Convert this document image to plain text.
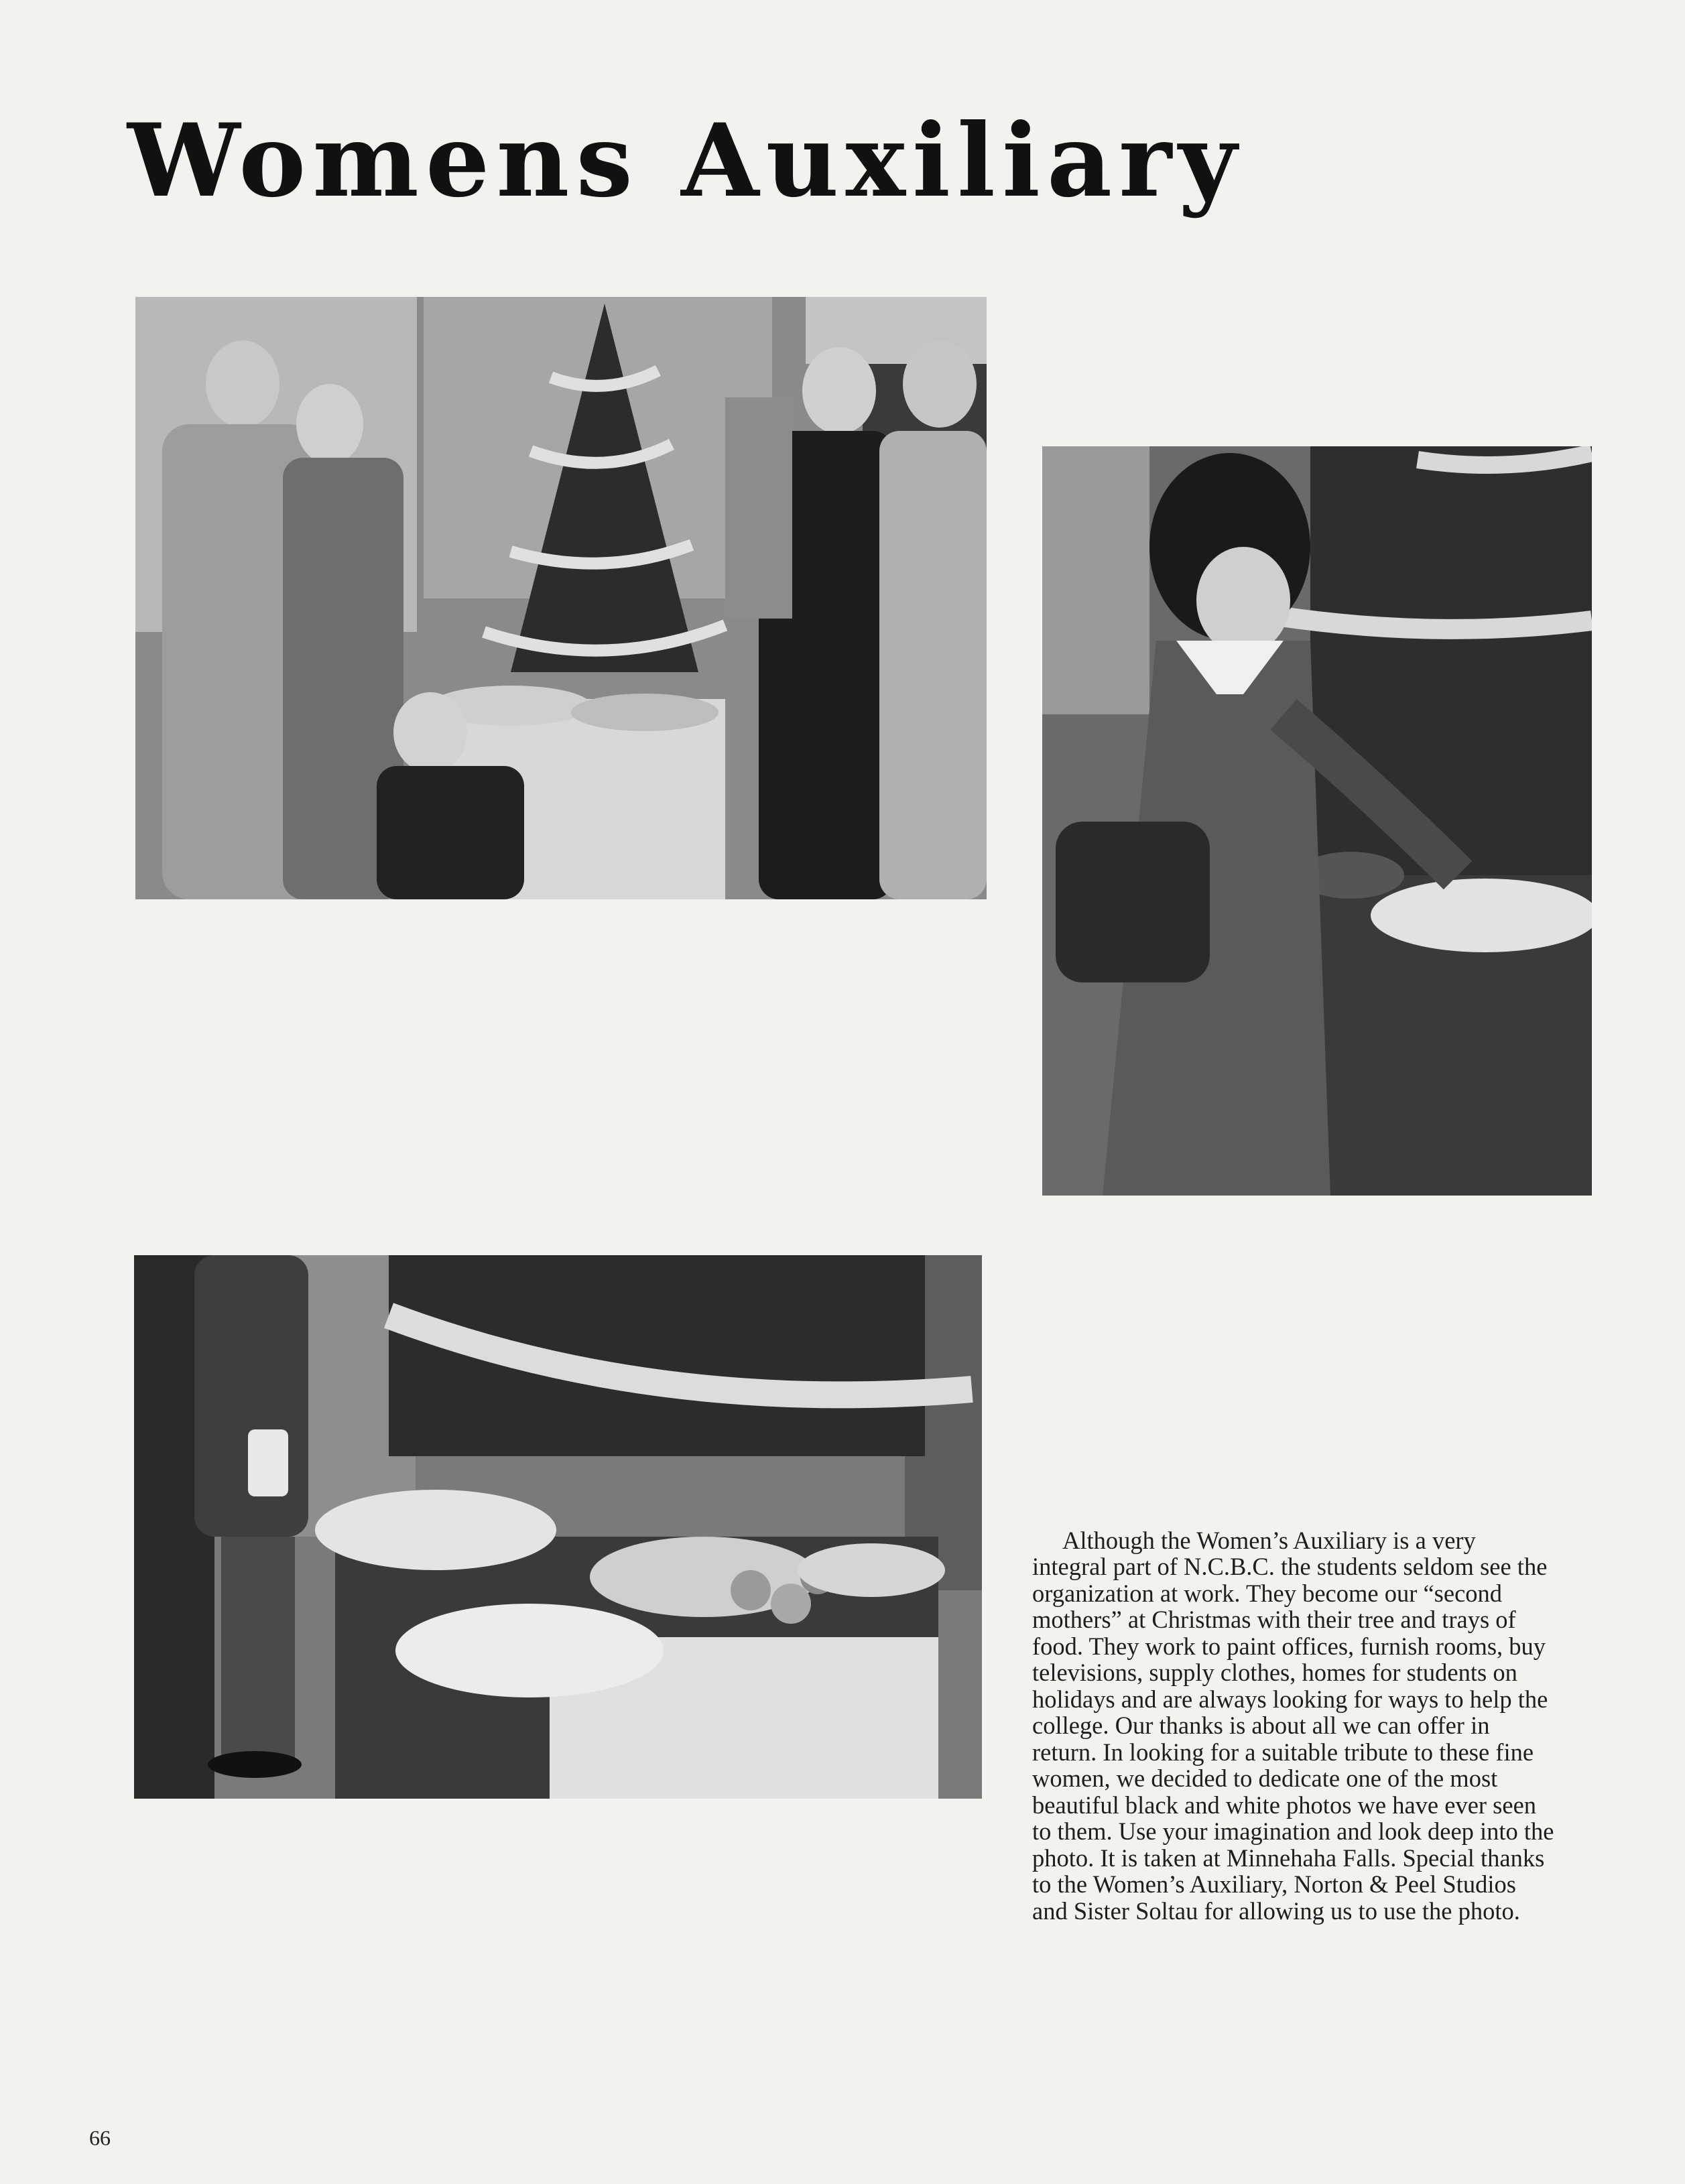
Womens Auxiliary

Although the Women’s Auxiliary is a very integral part of N.C.B.C. the students seldom see the organization at work. They become our “second mothers” at Christmas with their tree and trays of food. They work to paint offices, furnish rooms, buy televisions, supply clothes, homes for students on holidays and are always looking for ways to help the college. Our thanks is about all we can offer in return. In looking for a suitable tribute to these fine women, we decided to dedicate one of the most beautiful black and white photos we have ever seen to them. Use your imagination and look deep into the photo. It is taken at Minnehaha Falls. Special thanks to the Women’s Auxiliary, Norton & Peel Studios and Sister Soltau for allowing us to use the photo.

66
